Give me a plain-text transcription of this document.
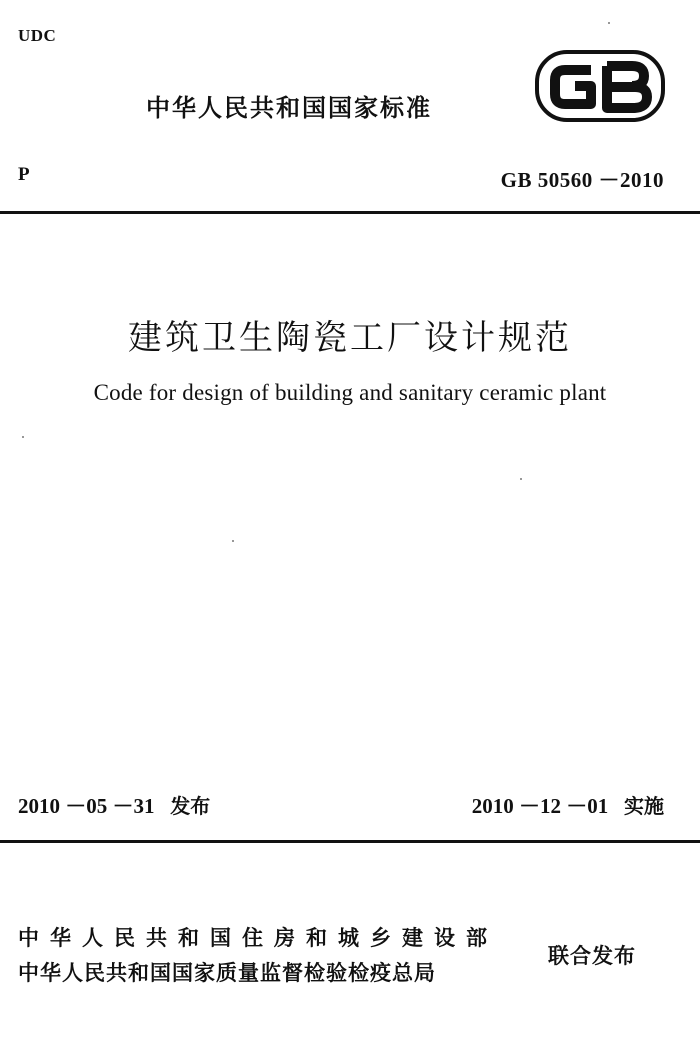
UDC
中华人民共和国国家标准
P	GB 50560 －2010
建筑卫生陶瓷工厂设计规范
Code for design of building and sanitary ceramic plant
2010 －05 －31 发布	2010 －12 －01 实施
中华人民共和国住房和城乡建设部
中华人民共和国国家质量监督检验检疫总局
联合发布
